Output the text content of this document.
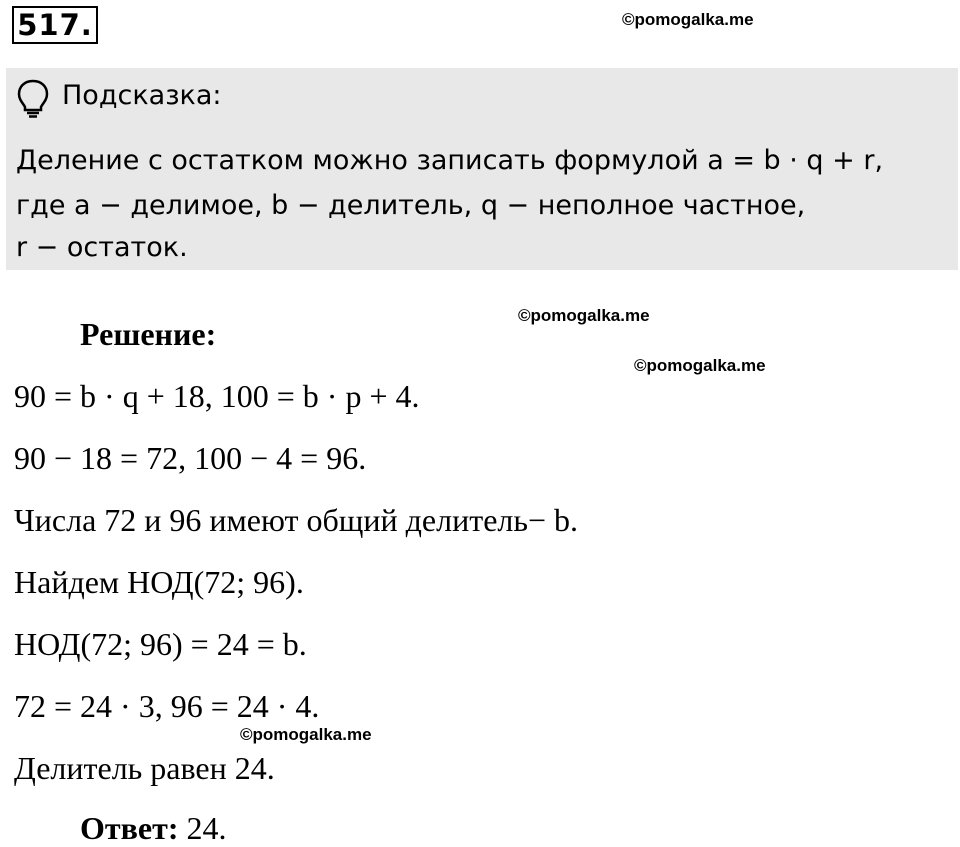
517.	©pomogalka.me
©pomogalka.me
©pomogalka.me
©pomogalka.me
Подсказка:
Деление с остатком можно записать формулой a = b · q + r,
где a − делимое, b − делитель, q − неполное частное,
r − остаток.
Решение:
90 = b · q + 18, 100 = b · p + 4.
90 − 18 = 72, 100 − 4 = 96.
Числа 72 и 96 имеют общий делитель− b.
Найдем НОД(72; 96).
НОД(72; 96) = 24 = b.
72 = 24 · 3, 96 = 24 · 4.
Делитель равен 24.
Ответ: 24.
